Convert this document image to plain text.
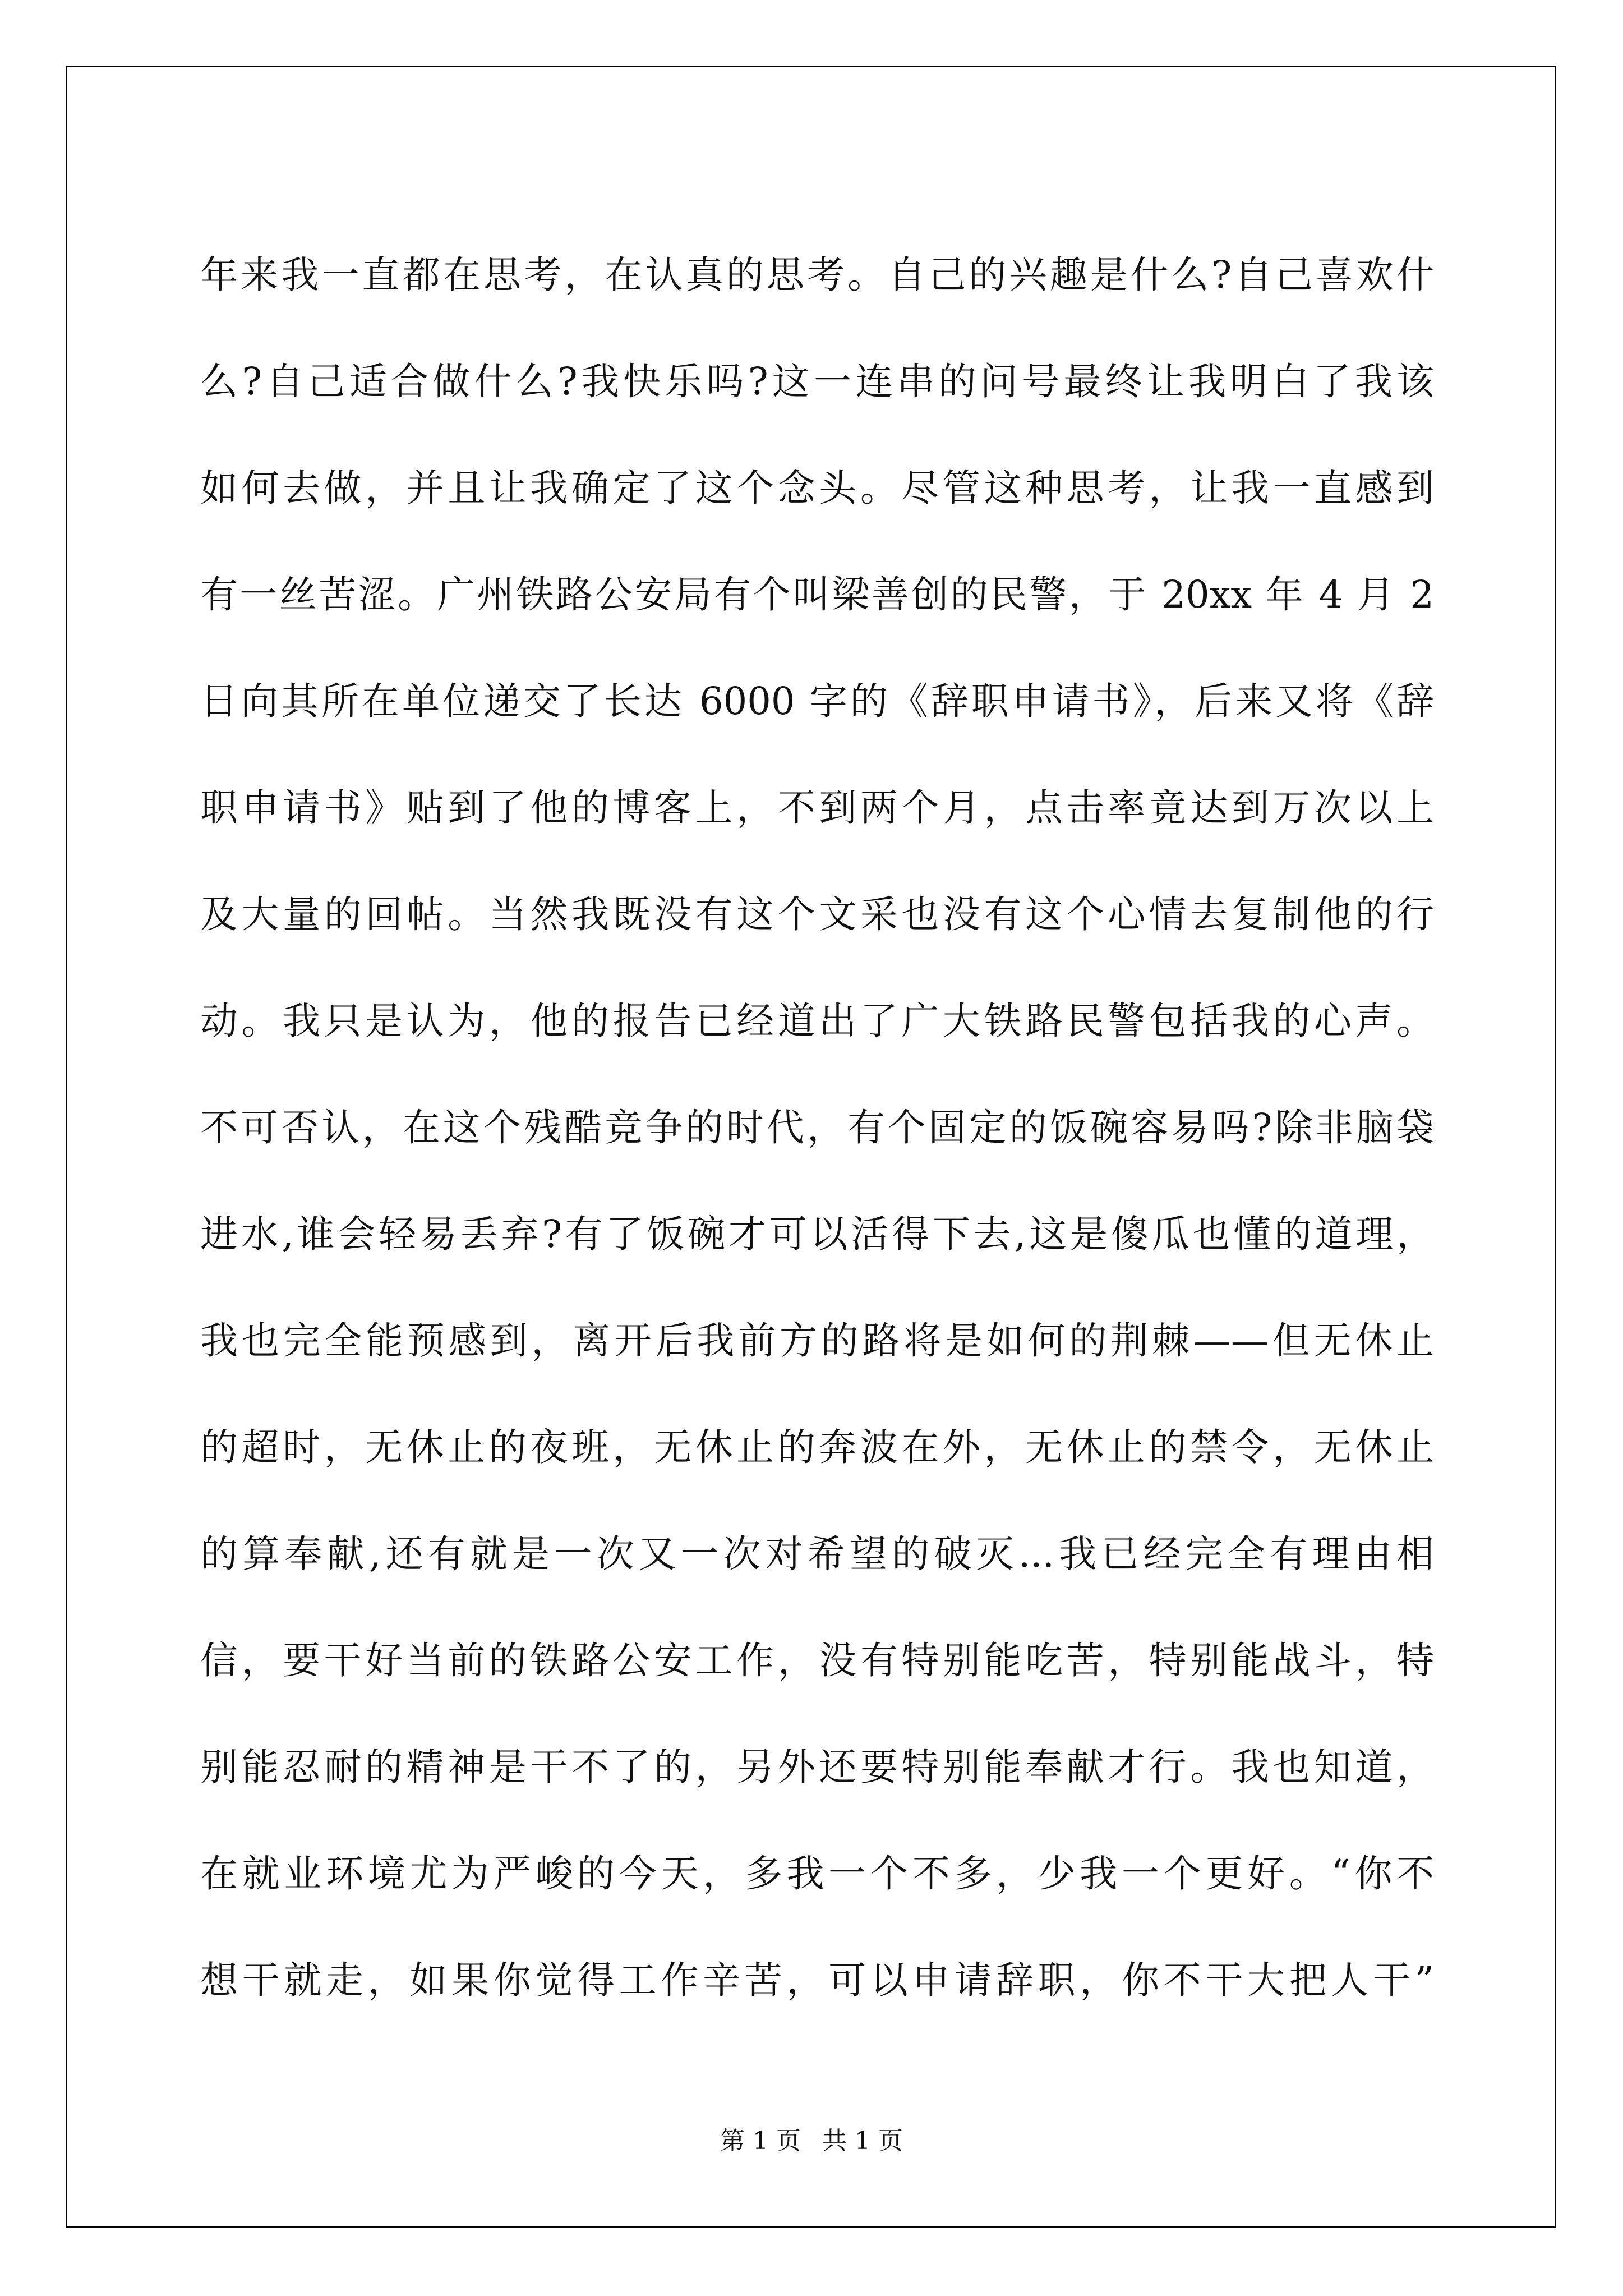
年来我一直都在思考，在认真的思考。自己的兴趣是什么?自己喜欢什
么?自己适合做什么?我快乐吗?这一连串的问号最终让我明白了我该
如何去做，并且让我确定了这个念头。尽管这种思考，让我一直感到
有一丝苦涩。广州铁路公安局有个叫梁善创的民警，于 20xx 年 4 月 2
日向其所在单位递交了长达 6000 字的《辞职申请书》，后来又将《辞
职申请书》贴到了他的博客上，不到两个月，点击率竟达到万次以上
及大量的回帖。当然我既没有这个文采也没有这个心情去复制他的行
动。我只是认为，他的报告已经道出了广大铁路民警包括我的心声。
不可否认，在这个残酷竞争的时代，有个固定的饭碗容易吗?除非脑袋
进水,谁会轻易丢弃?有了饭碗才可以活得下去,这是傻瓜也懂的道理，
我也完全能预感到，离开后我前方的路将是如何的荆棘——但无休止
的超时，无休止的夜班，无休止的奔波在外，无休止的禁令，无休止
的算奉献,还有就是一次又一次对希望的破灭...我已经完全有理由相
信，要干好当前的铁路公安工作，没有特别能吃苦，特别能战斗，特
别能忍耐的精神是干不了的，另外还要特别能奉献才行。我也知道，
在就业环境尤为严峻的今天，多我一个不多，少我一个更好。“你不
想干就走，如果你觉得工作辛苦，可以申请辞职，你不干大把人干”
第 1 页 共 1 页
